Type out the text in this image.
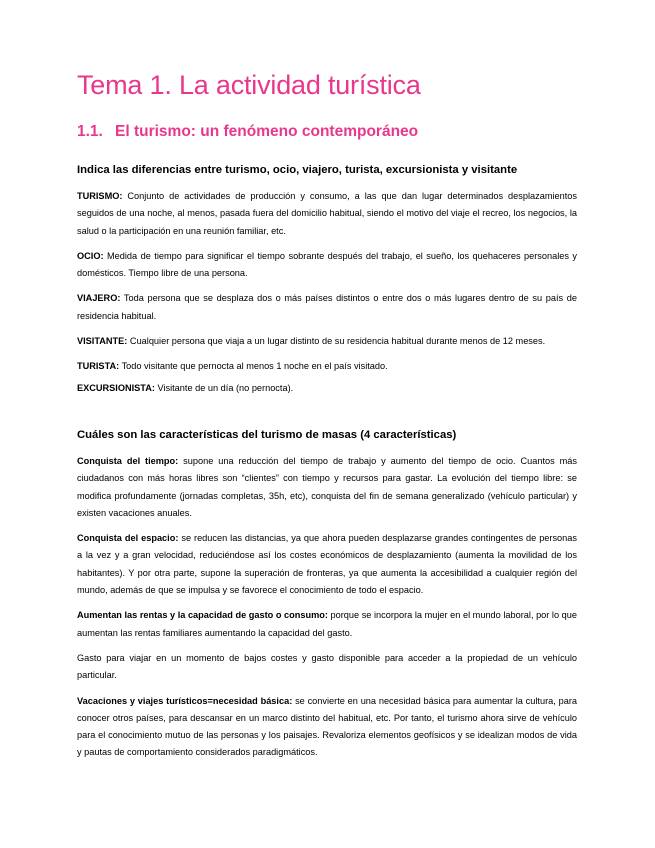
Tema 1. La actividad turística
1.1. El turismo: un fenómeno contemporáneo
Indica las diferencias entre turismo, ocio, viajero, turista, excursionista y visitante

TURISMO: Conjunto de actividades de producción y consumo, a las que dan lugar determinados desplazamientos seguidos de una noche, al menos, pasada fuera del domicilio habitual, siendo el motivo del viaje el recreo, los negocios, la salud o la participación en una reunión familiar, etc.

OCIO: Medida de tiempo para significar el tiempo sobrante después del trabajo, el sueño, los quehaceres personales y domésticos. Tiempo libre de una persona.

VIAJERO: Toda persona que se desplaza dos o más países distintos o entre dos o más lugares dentro de su país de residencia habitual.

VISITANTE: Cualquier persona que viaja a un lugar distinto de su residencia habitual durante menos de 12 meses.

TURISTA: Todo visitante que pernocta al menos 1 noche en el país visitado.

EXCURSIONISTA: Visitante de un día (no pernocta).

Cuáles son las características del turismo de masas (4 características)

Conquista del tiempo: supone una reducción del tiempo de trabajo y aumento del tiempo de ocio. Cuantos más ciudadanos con más horas libres son “clientes” con tiempo y recursos para gastar. La evolución del tiempo libre: se modifica profundamente (jornadas completas, 35h, etc), conquista del fin de semana generalizado (vehículo particular) y existen vacaciones anuales.

Conquista del espacio: se reducen las distancias, ya que ahora pueden desplazarse grandes contingentes de personas a la vez y a gran velocidad, reduciéndose así los costes económicos de desplazamiento (aumenta la movilidad de los habitantes). Y por otra parte, supone la superación de fronteras, ya que aumenta la accesibilidad a cualquier región del mundo, además de que se impulsa y se favorece el conocimiento de todo el espacio.

Aumentan las rentas y la capacidad de gasto o consumo: porque se incorpora la mujer en el mundo laboral, por lo que aumentan las rentas familiares aumentando la capacidad del gasto.

Gasto para viajar en un momento de bajos costes y gasto disponible para acceder a la propiedad de un vehículo particular.

Vacaciones y viajes turísticos=necesidad básica: se convierte en una necesidad básica para aumentar la cultura, para conocer otros países, para descansar en un marco distinto del habitual, etc. Por tanto, el turismo ahora sirve de vehículo para el conocimiento mutuo de las personas y los paisajes. Revaloriza elementos geofísicos y se idealizan modos de vida y pautas de comportamiento considerados paradigmáticos.
